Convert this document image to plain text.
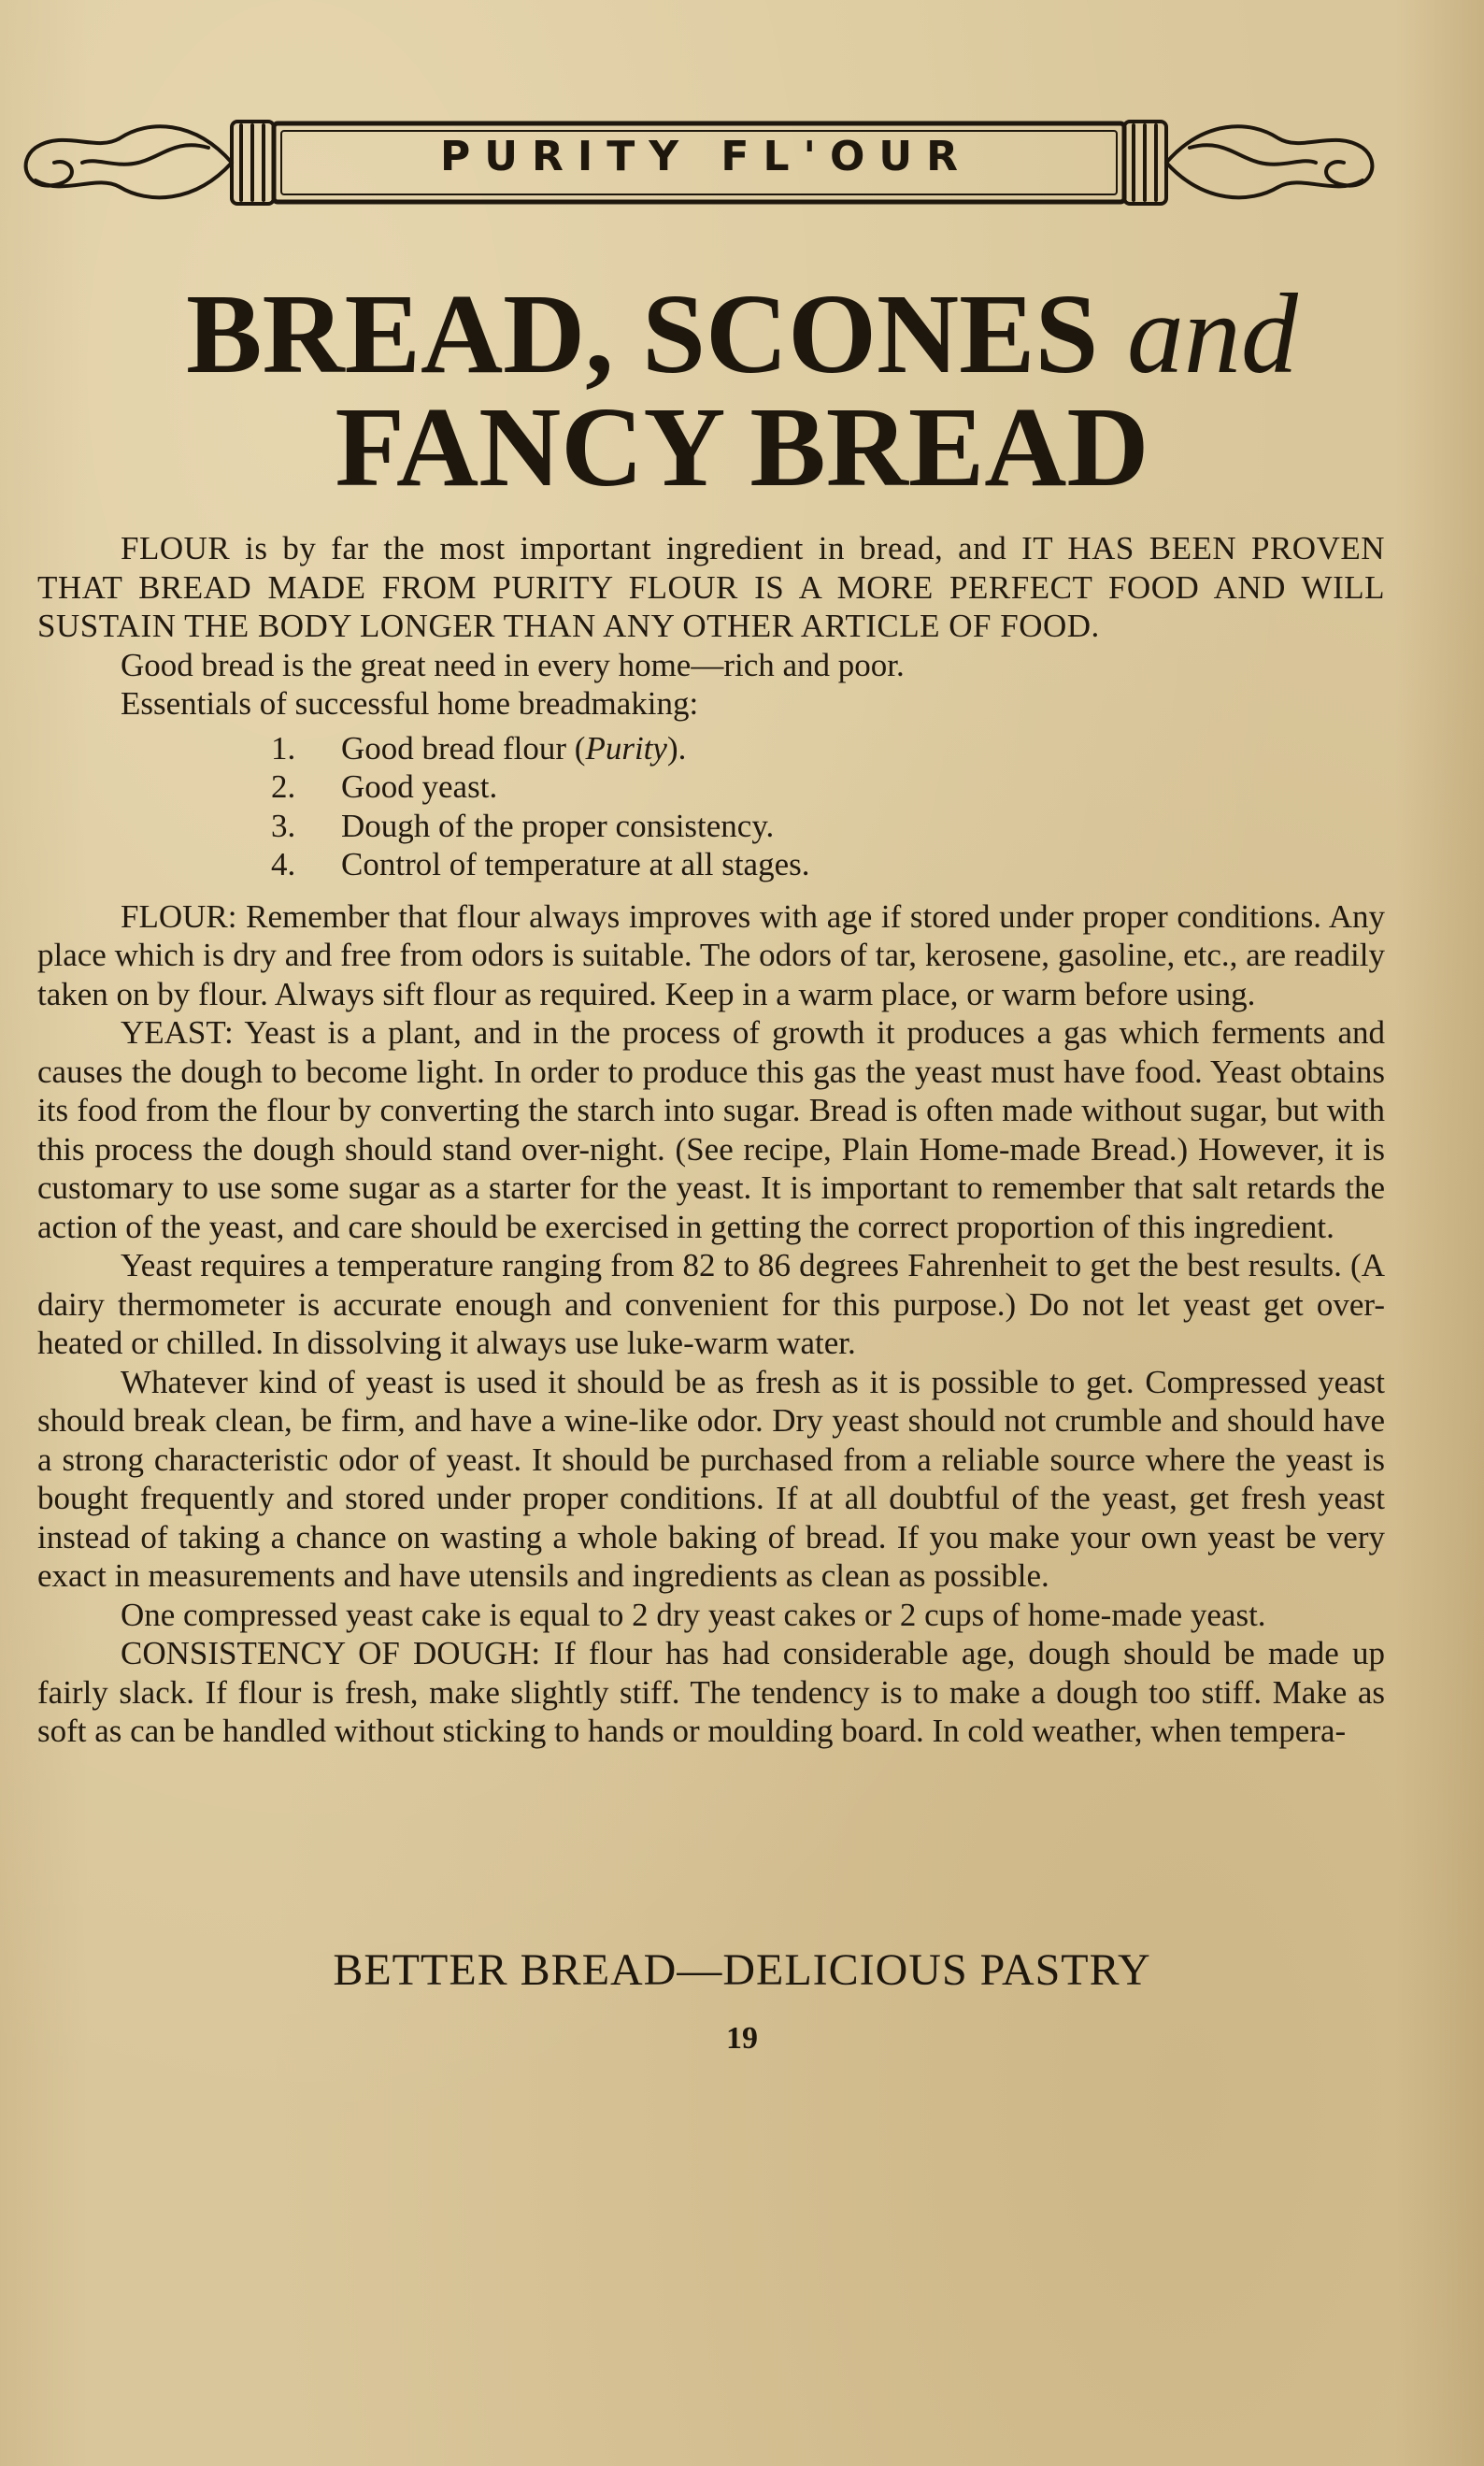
PURITY FL'OUR
BREAD, SCONES and
FANCY BREAD

FLOUR is by far the most important ingredient in bread, and IT HAS BEEN PROVEN THAT BREAD MADE FROM PURITY FLOUR IS A MORE PERFECT FOOD AND WILL SUSTAIN THE BODY LONGER THAN ANY OTHER ARTICLE OF FOOD.

Good bread is the great need in every home—rich and poor.

Essentials of successful home breadmaking:

1. Good bread flour (Purity).
2. Good yeast.
3. Dough of the proper consistency.
4. Control of temperature at all stages.

FLOUR: Remember that flour always improves with age if stored under proper conditions. Any place which is dry and free from odors is suitable. The odors of tar, kerosene, gasoline, etc., are readily taken on by flour. Always sift flour as required. Keep in a warm place, or warm before using.

YEAST: Yeast is a plant, and in the process of growth it produces a gas which ferments and causes the dough to become light. In order to produce this gas the yeast must have food. Yeast obtains its food from the flour by converting the starch into sugar. Bread is often made without sugar, but with this process the dough should stand over-night. (See recipe, Plain Home-made Bread.) However, it is customary to use some sugar as a starter for the yeast. It is important to remember that salt retards the action of the yeast, and care should be exercised in getting the correct proportion of this ingredient.

Yeast requires a temperature ranging from 82 to 86 degrees Fahrenheit to get the best results. (A dairy thermometer is accurate enough and convenient for this purpose.) Do not let yeast get over-heated or chilled. In dissolving it always use luke-warm water.

Whatever kind of yeast is used it should be as fresh as it is possible to get. Compressed yeast should break clean, be firm, and have a wine-like odor. Dry yeast should not crumble and should have a strong characteristic odor of yeast. It should be purchased from a reliable source where the yeast is bought frequently and stored under proper conditions. If at all doubtful of the yeast, get fresh yeast instead of taking a chance on wasting a whole baking of bread. If you make your own yeast be very exact in measurements and have utensils and ingredients as clean as possible.

One compressed yeast cake is equal to 2 dry yeast cakes or 2 cups of home-made yeast.

CONSISTENCY OF DOUGH: If flour has had considerable age, dough should be made up fairly slack. If flour is fresh, make slightly stiff. The tendency is to make a dough too stiff. Make as soft as can be handled without sticking to hands or moulding board. In cold weather, when tempera-

BETTER BREAD—DELICIOUS PASTRY
19
